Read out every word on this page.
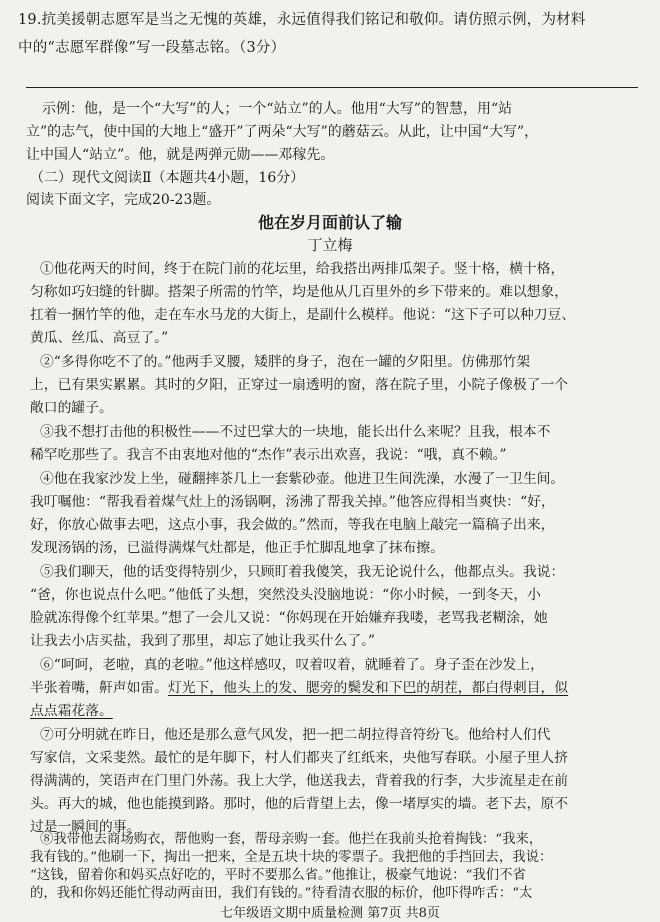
19.抗美援朝志愿军是当之无愧的英雄，永远值得我们铭记和敬仰。请仿照示例，为材料
中的“志愿军群像”写一段墓志铭。（3分）
示例：他，是一个“大写”的人；一个“站立”的人。他用“大写”的智慧，用“站
立”的志气，使中国的大地上“盛开”了两朵“大写”的蘑菇云。从此，让中国“大写”，
让中国人“站立”。他，就是两弹元勋——邓稼先。
（二）现代文阅读Ⅱ（本题共4小题，16分）
阅读下面文字，完成20-23题。
他在岁月面前认了输
丁立梅
①他花两天的时间，终于在院门前的花坛里，给我搭出两排瓜架子。竖十格，横十格，
匀称如巧妇缝的针脚。搭架子所需的竹竿，均是他从几百里外的乡下带来的。难以想象，
扛着一捆竹竿的他，走在车水马龙的大街上，是副什么模样。他说：“这下子可以种刀豆、
黄瓜、丝瓜、高豆了。”
②“多得你吃不了的。”他两手叉腰，矮胖的身子，泡在一罐的夕阳里。仿佛那竹架
上，已有果实累累。其时的夕阳，正穿过一扇透明的窗，落在院子里，小院子像极了一个
敞口的罐子。
③我不想打击他的积极性——不过巴掌大的一块地，能长出什么来呢？且我，根本不
稀罕吃那些了。我言不由衷地对他的“杰作”表示出欢喜，我说：“哦，真不赖。”
④他在我家沙发上坐，碰翻摔茶几上一套紫砂壶。他进卫生间洗澡，水漫了一卫生间。
我叮嘱他：“帮我看着煤气灶上的汤锅啊，汤沸了帮我关掉。”他答应得相当爽快：“好，
好，你放心做事去吧，这点小事，我会做的。”然而，等我在电脑上敲完一篇稿子出来，
发现汤锅的汤，已溢得满煤气灶都是，他正手忙脚乱地拿了抹布擦。
⑤我们聊天，他的话变得特别少，只顾盯着我傻笑，我无论说什么，他都点头。我说：
“爸，你也说点什么吧。”他低了头想，突然没头没脑地说：“你小时候，一到冬天，小
脸就冻得像个红苹果。”想了一会儿又说：“你妈现在开始嫌弃我喽，老骂我老糊涂，她
让我去小店买盐，我到了那里，却忘了她让我买什么了。”
⑥“呵呵，老啦，真的老啦。”他这样感叹，叹着叹着，就睡着了。身子歪在沙发上，
半张着嘴，鼾声如雷。灯光下，他头上的发、腮旁的鬓发和下巴的胡茬，都白得刺目，似
点点霜花落。
⑦可分明就在昨日，他还是那么意气风发，把一把二胡拉得音符纷飞。他给村人们代
写家信，文采斐然。最忙的是年脚下，村人们都夹了红纸来，央他写春联。小屋子里人挤
得满满的，笑语声在门里门外荡。我上大学，他送我去，背着我的行李，大步流星走在前
头。再大的城，他也能摸到路。那时，他的后背望上去，像一堵厚实的墙。老下去，原不
过是一瞬间的事。
七年级语文期中质量检测 第7页 共8页
⑧我带他去商场购衣，帮他购一套，帮母亲购一套。他拦在我前头抢着掏钱：“我来，
我有钱的。”他刷一下，掏出一把来，全是五块十块的零票子。我把他的手挡回去，我说：
“这钱，留着你和妈买点好吃的，平时不要那么省。”他推让，极豪气地说：“我们不省
的，我和你妈还能忙得动两亩田，我们有钱的。”待看清衣服的标价，他吓得咋舌：“太
